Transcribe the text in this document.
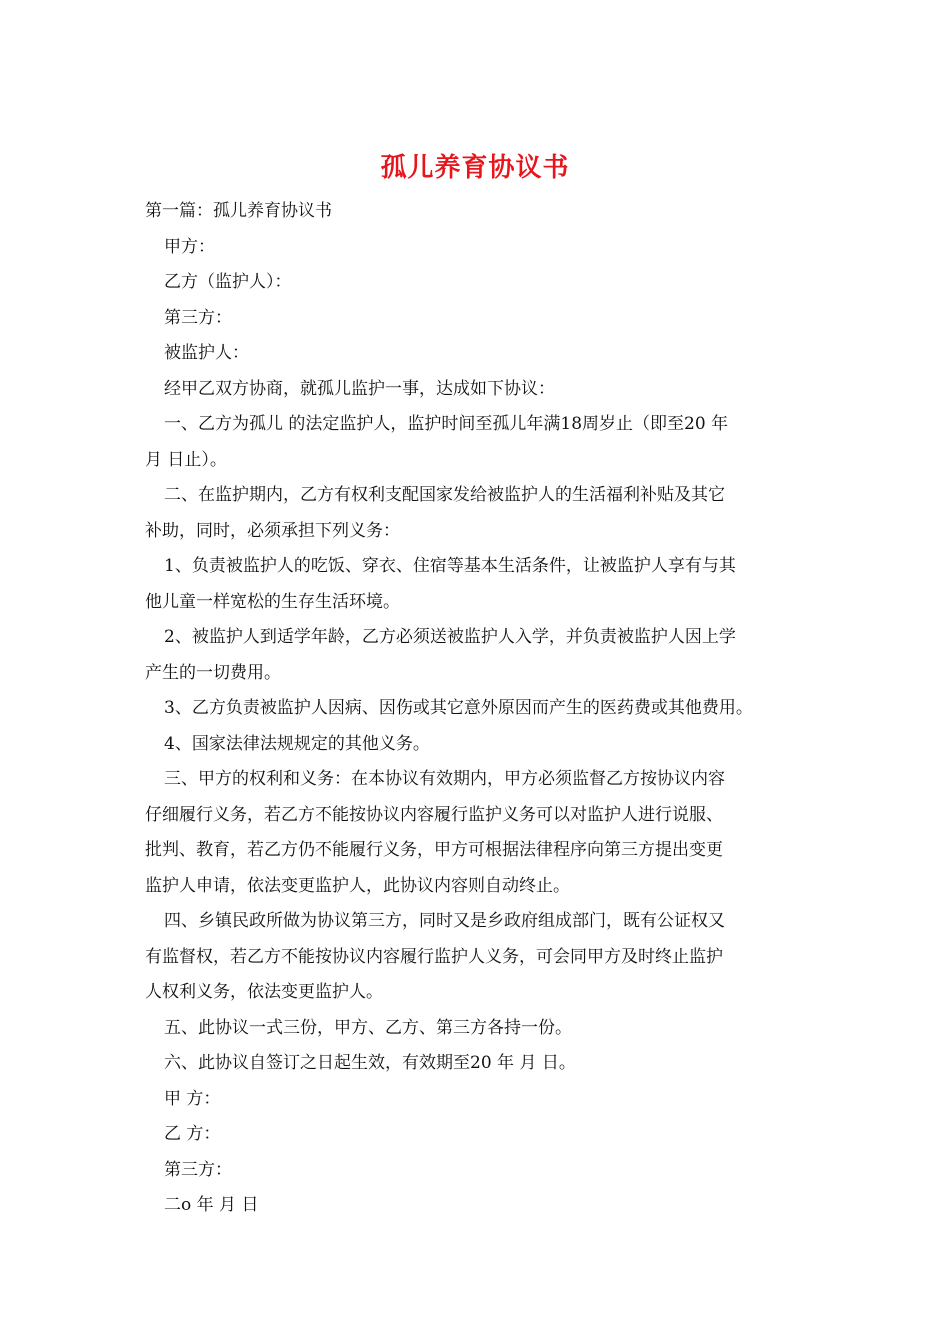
孤儿养育协议书

第一篇：孤儿养育协议书

甲方：

乙方（监护人）：

第三方：

被监护人：

经甲乙双方协商，就孤儿监护一事，达成如下协议：

一、乙方为孤儿 的法定监护人，监护时间至孤儿年满18周岁止（即至20 年

月 日止）。

二、在监护期内，乙方有权利支配国家发给被监护人的生活福利补贴及其它

补助，同时，必须承担下列义务：

1、负责被监护人的吃饭、穿衣、住宿等基本生活条件，让被监护人享有与其

他儿童一样宽松的生存生活环境。

2、被监护人到适学年龄，乙方必须送被监护人入学，并负责被监护人因上学

产生的一切费用。

3、乙方负责被监护人因病、因伤或其它意外原因而产生的医药费或其他费用。

4、国家法律法规规定的其他义务。

三、甲方的权利和义务：在本协议有效期内，甲方必须监督乙方按协议内容

仔细履行义务，若乙方不能按协议内容履行监护义务可以对监护人进行说服、

批判、教育，若乙方仍不能履行义务，甲方可根据法律程序向第三方提出变更

监护人申请，依法变更监护人，此协议内容则自动终止。

四、乡镇民政所做为协议第三方，同时又是乡政府组成部门，既有公证权又

有监督权，若乙方不能按协议内容履行监护人义务，可会同甲方及时终止监护

人权利义务，依法变更监护人。

五、此协议一式三份，甲方、乙方、第三方各持一份。

六、此协议自签订之日起生效，有效期至20 年 月 日。

甲 方：

乙 方：

第三方：

二o 年 月 日
